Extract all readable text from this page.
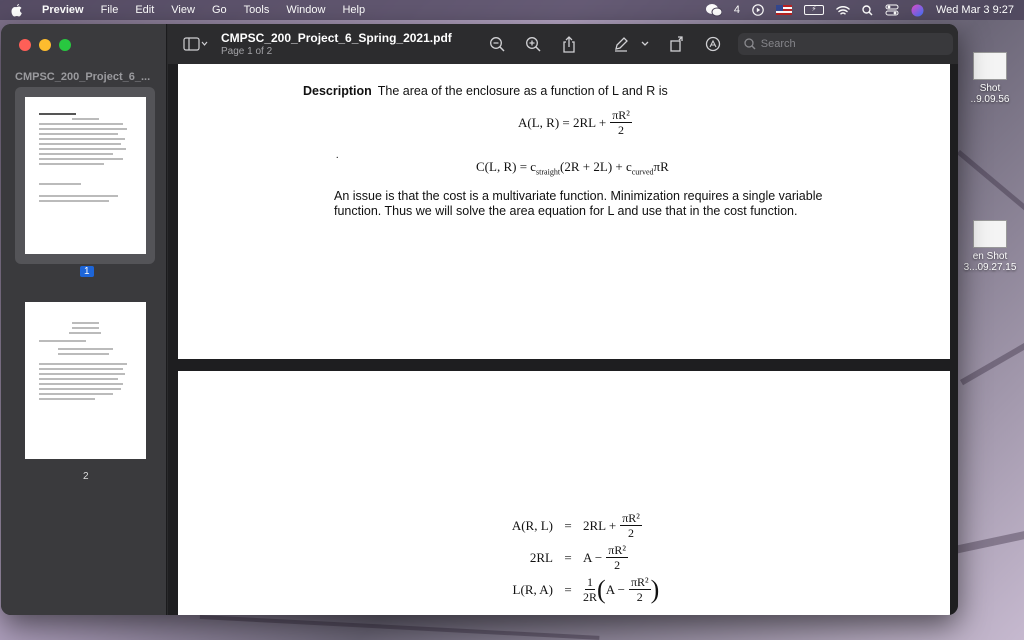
Shot
..9.09.56
en Shot
3...09.27.15
Preview File Edit View Go Tools Window Help	4	⚡	Wed Mar 3 9:27
CMPSC_200_Project_6_...
1
2
CMPSC_200_Project_6_Spring_2021.pdf
Page 1 of 2
Search
Description The area of the enclosure as a function of L and R is
A(L, $R) = 2RL + \frac{\text{πR²}}{2}$
.
C(L, $R) = c_{straight}(2R + 2L) + c_{curved}\pi R$

An issue is that the cost is a multivariate function. Minimization requires a single variable function. Thus we will solve the area equation for L and use that in the cost function.

A(R, $L) = 2RL + \frac{\text{πR²}}{2}$
$2RL = A - \frac{\text{πR²}}{2}$
L(R, $A) = \frac{1}{2R}$ ( $A - \frac{\text{πR²}}{2}$ )
